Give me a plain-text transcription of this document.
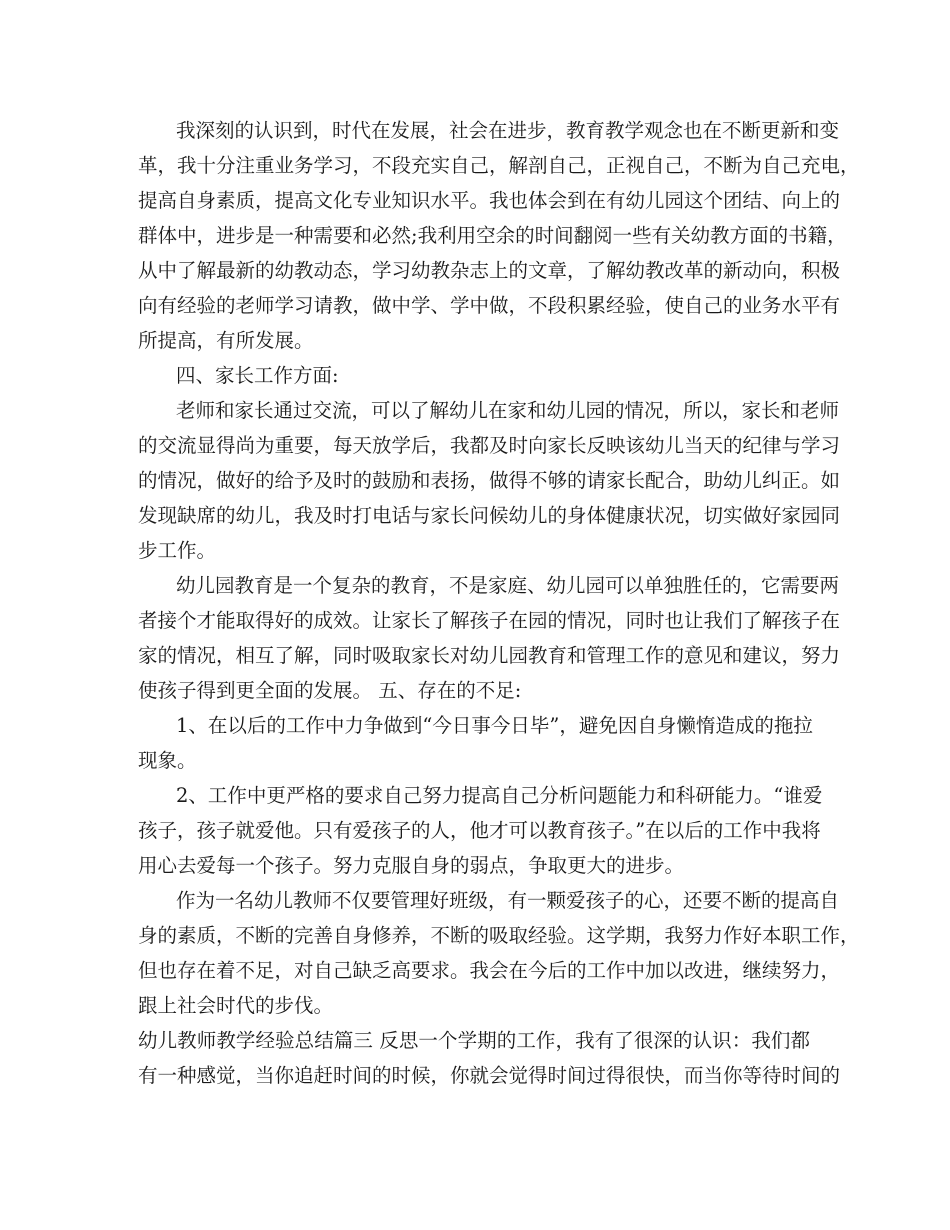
我深刻的认识到，时代在发展，社会在进步，教育教学观念也在不断更新和变
革，我十分注重业务学习，不段充实自己，解剖自己，正视自己，不断为自己充电，
提高自身素质，提高文化专业知识水平。我也体会到在有幼儿园这个团结、向上的
群体中，进步是一种需要和必然;我利用空余的时间翻阅一些有关幼教方面的书籍，
从中了解最新的幼教动态，学习幼教杂志上的文章，了解幼教改革的新动向，积极
向有经验的老师学习请教，做中学、学中做，不段积累经验，使自己的业务水平有
所提高，有所发展。
四、家长工作方面:
老师和家长通过交流，可以了解幼儿在家和幼儿园的情况，所以，家长和老师
的交流显得尚为重要，每天放学后，我都及时向家长反映该幼儿当天的纪律与学习
的情况，做好的给予及时的鼓励和表扬，做得不够的请家长配合，助幼儿纠正。如
发现缺席的幼儿，我及时打电话与家长问候幼儿的身体健康状况，切实做好家园同
步工作。
幼儿园教育是一个复杂的教育，不是家庭、幼儿园可以单独胜任的，它需要两
者接个才能取得好的成效。让家长了解孩子在园的情况，同时也让我们了解孩子在
家的情况，相互了解，同时吸取家长对幼儿园教育和管理工作的意见和建议，努力
使孩子得到更全面的发展。 五、存在的不足:
1、在以后的工作中力争做到“今日事今日毕”，避免因自身懒惰造成的拖拉
现象。
2、工作中更严格的要求自己努力提高自己分析问题能力和科研能力。“谁爱
孩子，孩子就爱他。只有爱孩子的人，他才可以教育孩子。”在以后的工作中我将
用心去爱每一个孩子。努力克服自身的弱点，争取更大的进步。
作为一名幼儿教师不仅要管理好班级，有一颗爱孩子的心，还要不断的提高自
身的素质，不断的完善自身修养，不断的吸取经验。这学期，我努力作好本职工作，
但也存在着不足，对自己缺乏高要求。我会在今后的工作中加以改进，继续努力，
跟上社会时代的步伐。
幼儿教师教学经验总结篇三 反思一个学期的工作，我有了很深的认识：我们都
有一种感觉，当你追赶时间的时候，你就会觉得时间过得很快，而当你等待时间的
